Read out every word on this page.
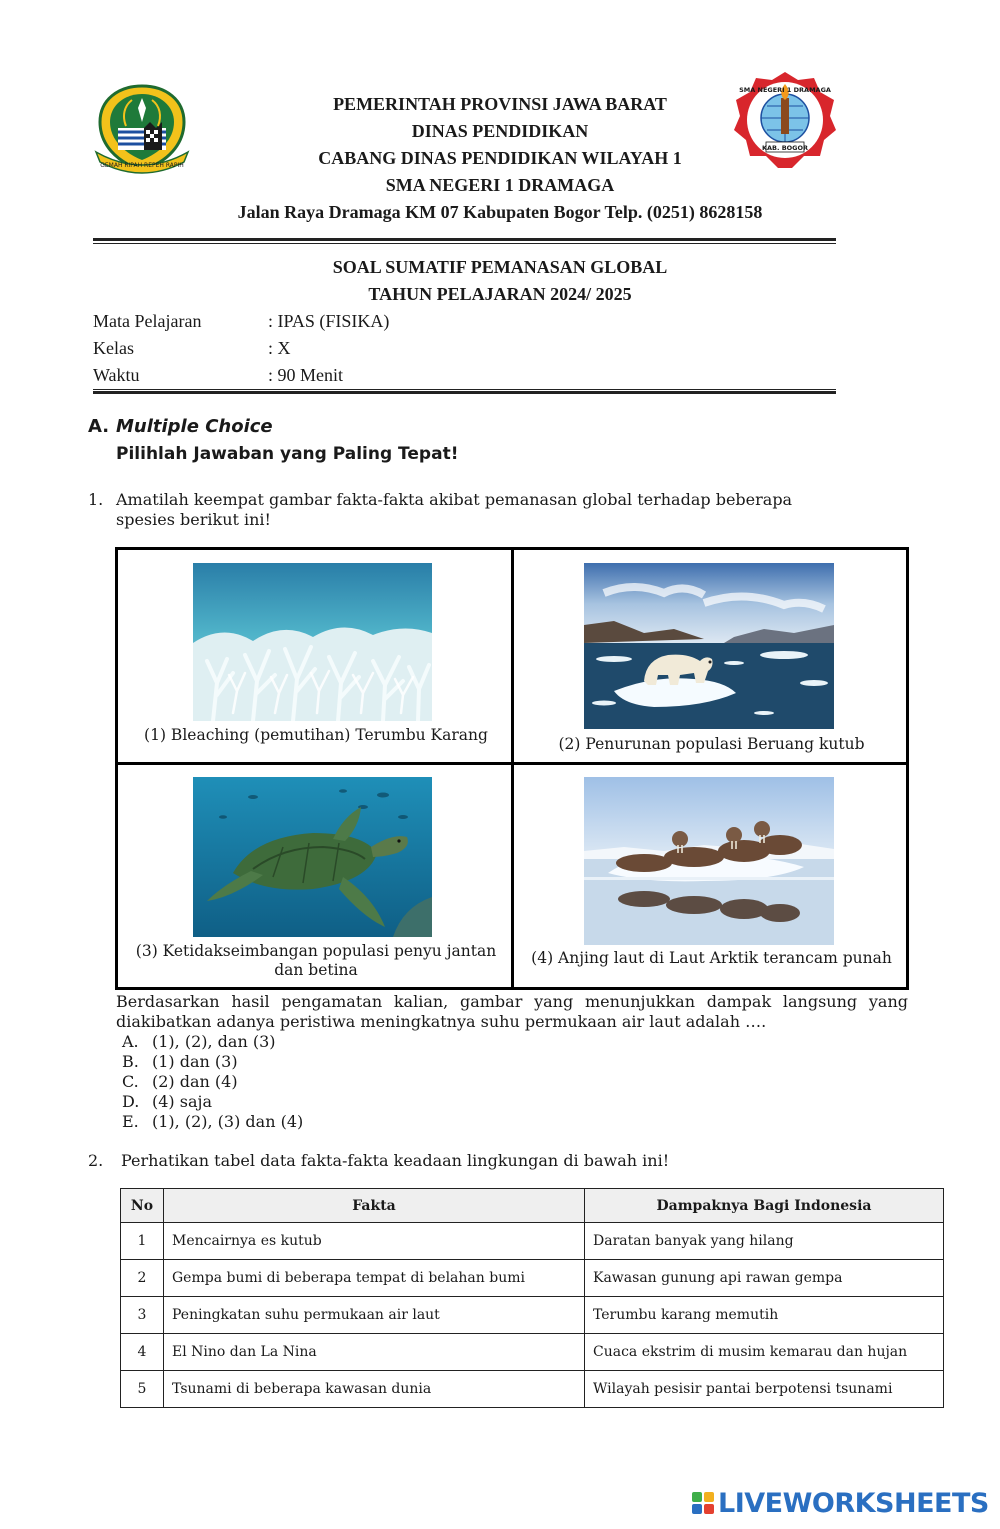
GEMAH RIPAH REPEH RAPIH
PEMERINTAH PROVINSI JAWA BARAT
DINAS PENDIDIKAN
CABANG DINAS PENDIDIKAN WILAYAH 1
SMA NEGERI 1 DRAMAGA
Jalan Raya Dramaga KM 07 Kabupaten Bogor Telp. (0251) 8628158
SMA NEGERI 1 DRAMAGA
KAB. BOGOR
SOAL SUMATIF PEMANASAN GLOBAL
TAHUN PELAJARAN 2024/ 2025
Mata Pelajaran	: IPAS (FISIKA)
Kelas	: X
Waktu	: 90 Menit
A. Multiple Choice
Pilihlah Jawaban yang Paling Tepat!
1. Amatilah keempat gambar fakta-fakta akibat pemanasan global terhadap beberapa spesies berikut ini!
(1) Bleaching (pemutihan) Terumbu Karang	(2) Penurunan populasi Beruang kutub
(3) Ketidakseimbangan populasi penyu jantan dan betina
(4) Anjing laut di Laut Arktik terancam punah
Berdasarkan hasil pengamatan kalian, gambar yang menunjukkan dampak langsung yang diakibatkan adanya peristiwa meningkatnya suhu permukaan air laut adalah ….
A. (1), (2), dan (3)
B. (1) dan (3)
C. (2) dan (4)
D. (4) saja
E. (1), (2), (3) dan (4)
2. Perhatikan tabel data fakta-fakta keadaan lingkungan di bawah ini!
No	Fakta	Dampaknya Bagi Indonesia
1	Mencairnya es kutub	Daratan banyak yang hilang
2	Gempa bumi di beberapa tempat di belahan bumi	Kawasan gunung api rawan gempa
3	Peningkatan suhu permukaan air laut	Terumbu karang memutih
4	El Nino dan La Nina	Cuaca ekstrim di musim kemarau dan hujan
5	Tsunami di beberapa kawasan dunia	Wilayah pesisir pantai berpotensi tsunami
LIVEWORKSHEETS
